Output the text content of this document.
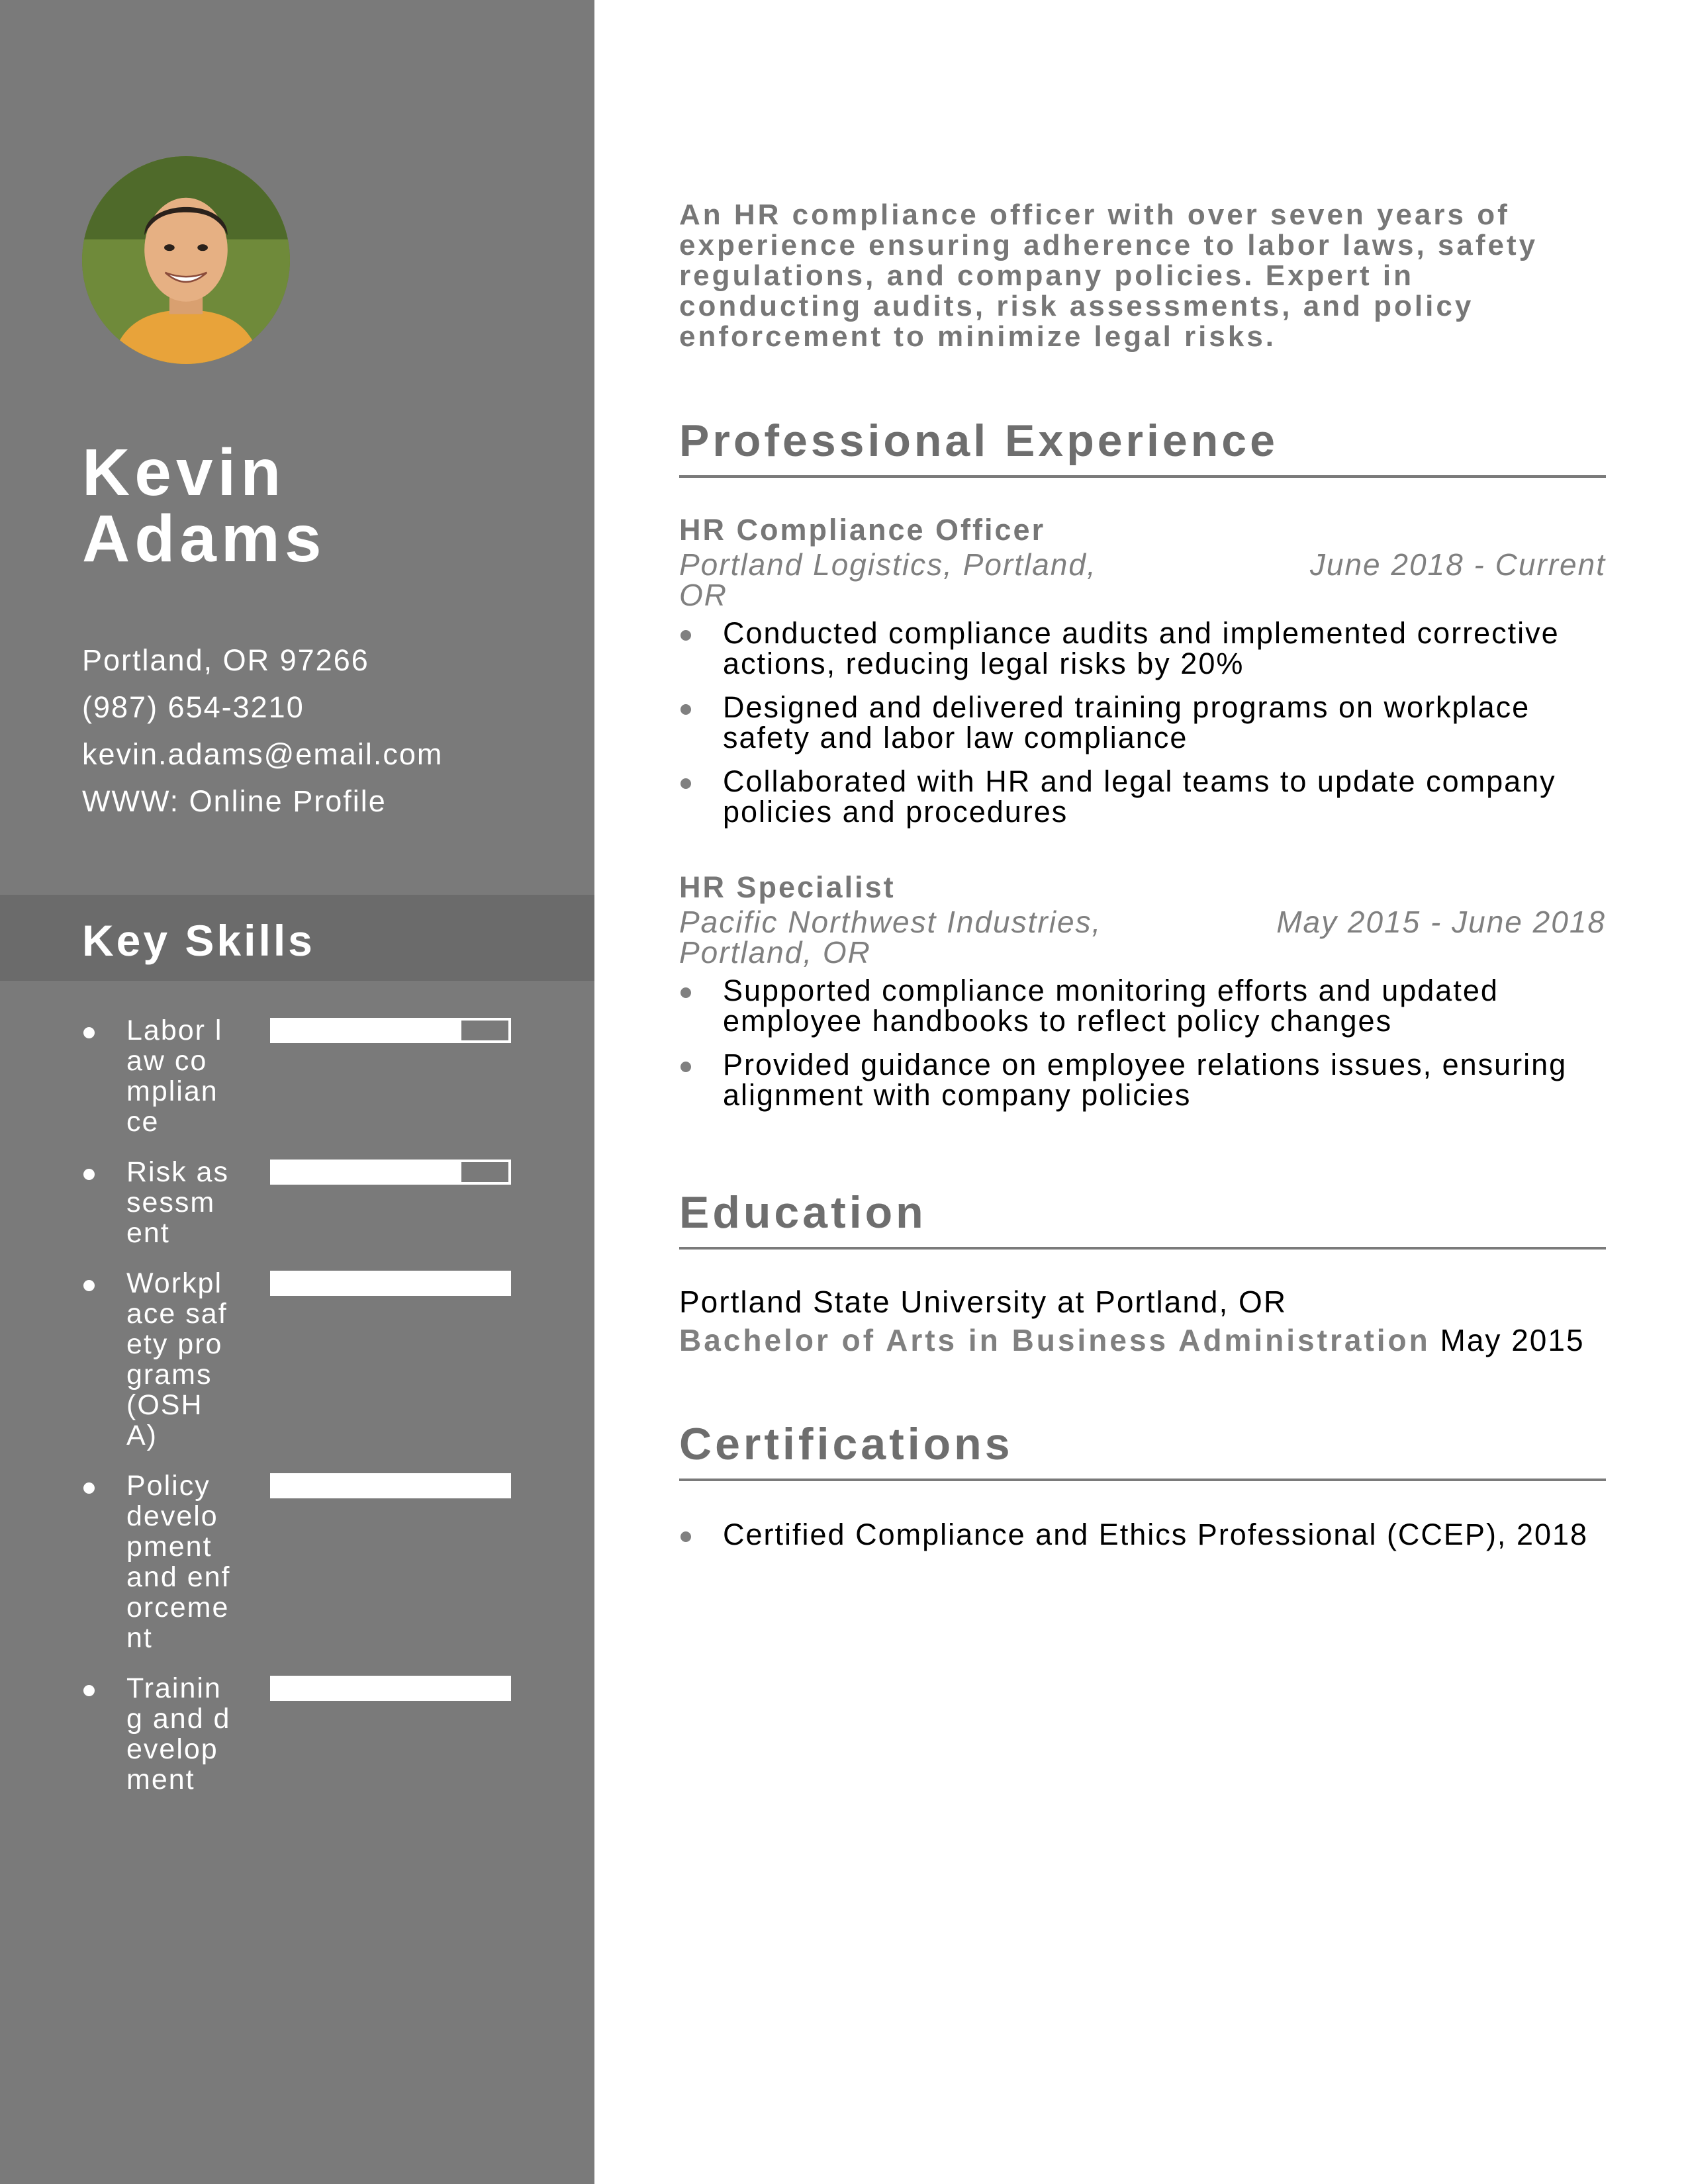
Kevin
Adams
Portland, OR 97266
(987) 654-3210
kevin.adams@email.com
WWW: Online Profile
Key Skills
Labor law compliance
Risk assessment
Workplace safety programs (OSHA)
Policy development and enforcement
Training and development
An HR compliance officer with over seven years of experience ensuring adherence to labor laws, safety regulations, and company policies. Expert in conducting audits, risk assessments, and policy enforcement to minimize legal risks.
Professional Experience
HR Compliance Officer
Portland Logistics, Portland, OR
June 2018 - Current
Conducted compliance audits and implemented corrective actions, reducing legal risks by 20%
Designed and delivered training programs on workplace safety and labor law compliance
Collaborated with HR and legal teams to update company policies and procedures
HR Specialist
Pacific Northwest Industries, Portland, OR
May 2015 - June 2018
Supported compliance monitoring efforts and updated employee handbooks to reflect policy changes
Provided guidance on employee relations issues, ensuring alignment with company policies
Education
Portland State University at Portland, OR
Bachelor of Arts in Business Administration May 2015
Certifications
Certified Compliance and Ethics Professional (CCEP), 2018
